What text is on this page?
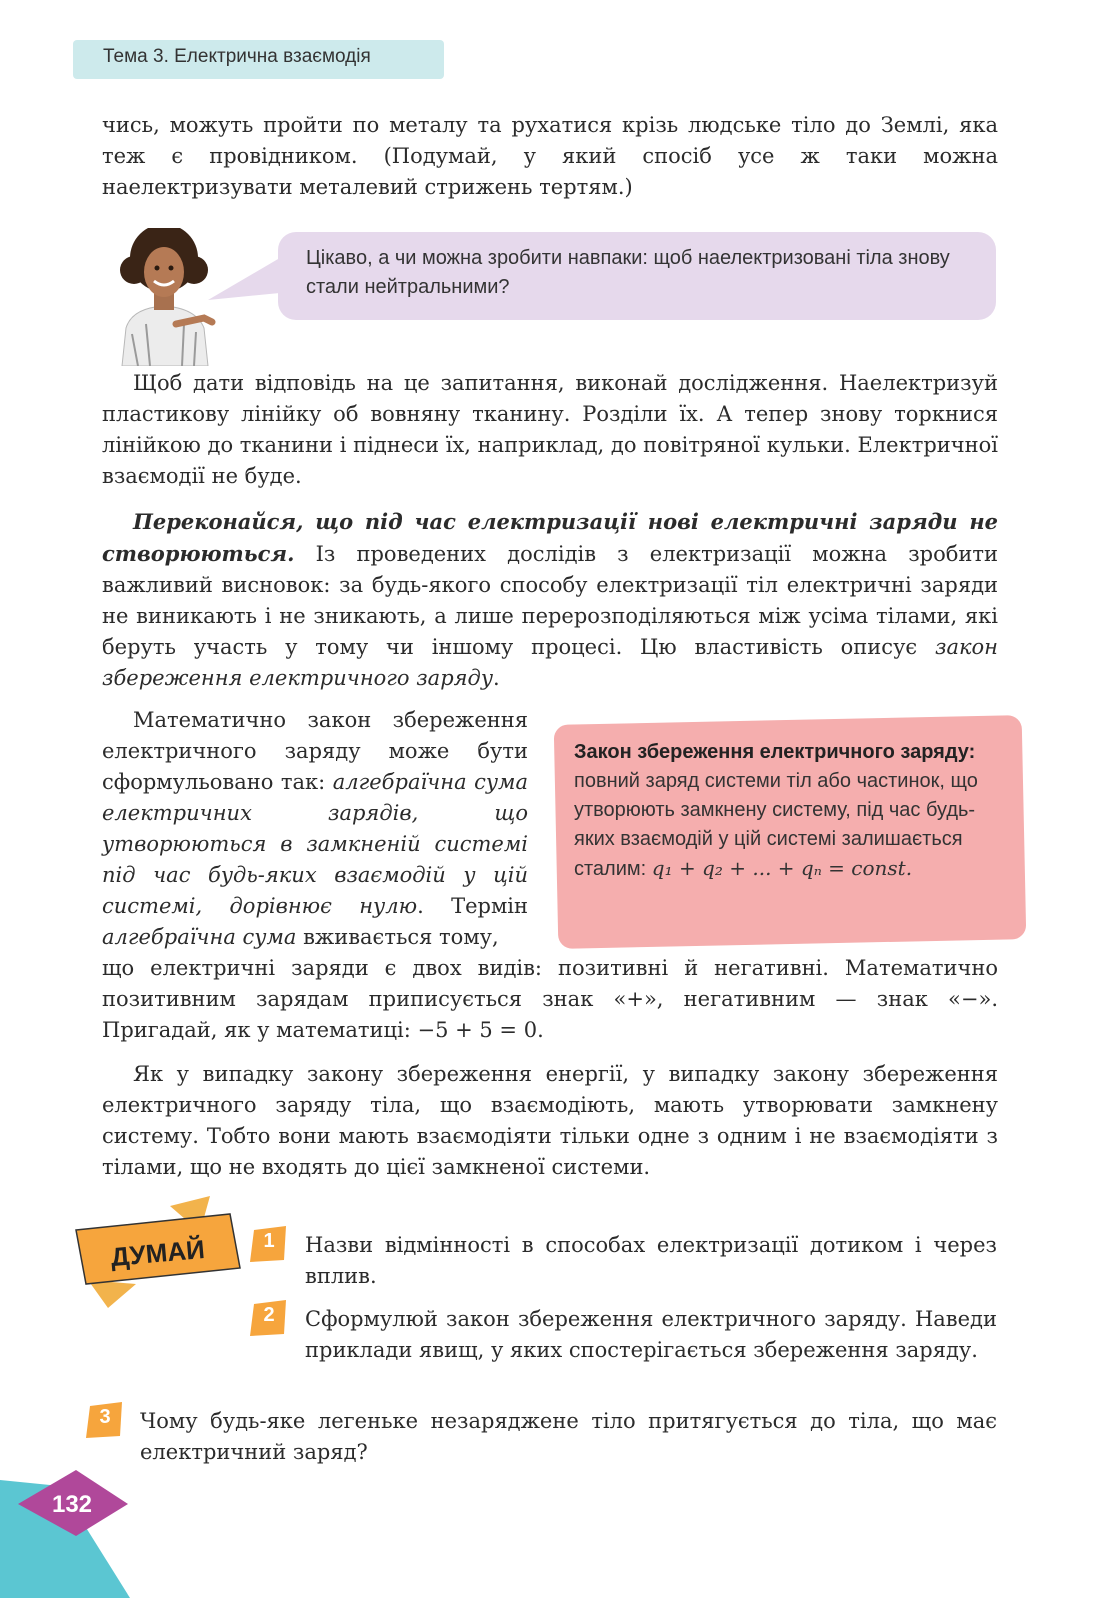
Тема 3. Електрична взаємодія

чись, можуть пройти по металу та рухатися крізь людське тіло до Землі, яка теж є провідником. (Подумай, у який спосіб усе ж таки можна наелектризувати металевий стрижень тертям.)

Цікаво, а чи можна зробити навпаки: щоб наелектризовані тіла знову стали нейтральними?

Щоб дати відповідь на це запитання, виконай дослідження. Наелектризуй пластикову лінійку об вовняну тканину. Розділи їх. А тепер знову торкнися лінійкою до тканини і піднеси їх, наприклад, до повітряної кульки. Електричної взаємодії не буде.

Переконайся, що під час електризації нові електричні заряди не створюються. Із проведених дослідів з електризації можна зробити важливий висновок: за будь-якого способу електризації тіл електричні заряди не виникають і не зникають, а лише перерозподіляються між усіма тілами, які беруть участь у тому чи іншому процесі. Цю властивість описує закон збереження електричного заряду.

Математично закон збереження електричного заряду може бути сформульовано так: алгебраїчна сума електричних зарядів, що утворюються в замкненій системі під час будь-яких взаємодій у цій системі, дорівнює нулю. Термін алгебраїчна сума вживається тому,

Закон збереження електричного заряду: повний заряд системи тіл або частинок, що утворюють замкнену систему, під час будь-яких взаємодій у цій системі залишається сталим: q₁ + q₂ + ... + qₙ = const.

що електричні заряди є двох видів: позитивні й негативні. Математично позитивним зарядам приписується знак «+», негативним — знак «−». Пригадай, як у математиці: −5 + 5 = 0.

Як у випадку закону збереження енергії, у випадку закону збереження електричного заряду тіла, що взаємодіють, мають утворювати замкнену систему. Тобто вони мають взаємодіяти тільки одне з одним і не взаємодіяти з тілами, що не входять до цієї замкненої системи.

ДУМАЙ	1	Назви відмінності в способах електризації дотиком і через вплив.

2	Сформулюй закон збереження електричного заряду. Наведи приклади явищ, у яких спостерігається збереження заряду.

3	Чому будь-яке легеньке незаряджене тіло притягується до тіла, що має електричний заряд?

132
